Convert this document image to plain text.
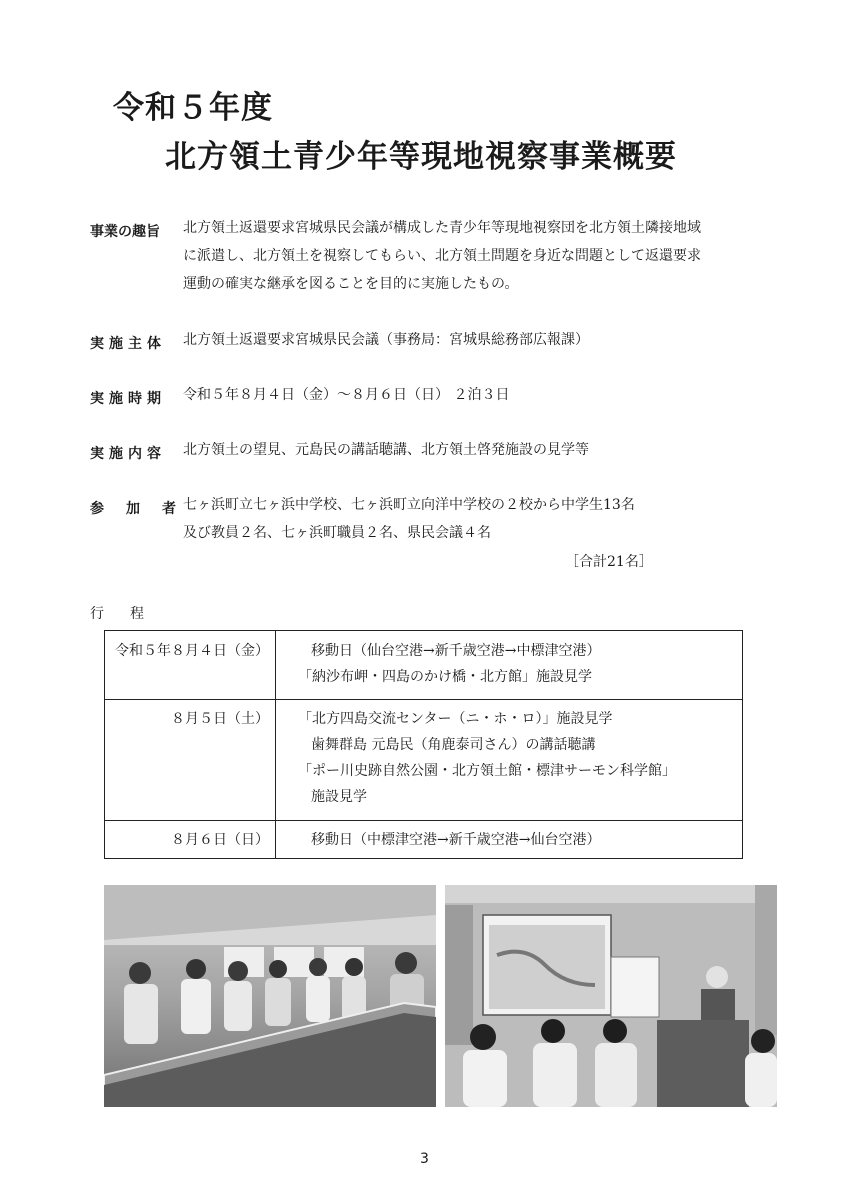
令和５年度
北方領土青少年等現地視察事業概要
事業の趣旨 北方領土返還要求宮城県民会議が構成した青少年等現地視察団を北方領土隣接地域
に派遣し、北方領土を視察してもらい、北方領土問題を身近な問題として返還要求
運動の確実な継承を図ることを目的に実施したもの。
実施主体 北方領土返還要求宮城県民会議（事務局：宮城県総務部広報課）
実施時期 令和５年８月４日（金）～８月６日（日） ２泊３日
実施内容 北方領土の望見、元島民の講話聴講、北方領土啓発施設の見学等
参加者
七ヶ浜町立七ヶ浜中学校、七ヶ浜町立向洋中学校の２校から中学生13名
及び教員２名、七ヶ浜町職員２名、県民会議４名
［合計21名］
行程
令和５年８月４日（金）	移動日（仙台空港→新千歳空港→中標津空港）
「納沙布岬・四島のかけ橋・北方館」施設見学
８月５日（土）	「北方四島交流センター（ニ・ホ・ロ）」施設見学
歯舞群島 元島民（角鹿泰司さん）の講話聴講
「ポー川史跡自然公園・北方領土館・標津サーモン科学館」
施設見学
８月６日（日）	移動日（中標津空港→新千歳空港→仙台空港）
3
